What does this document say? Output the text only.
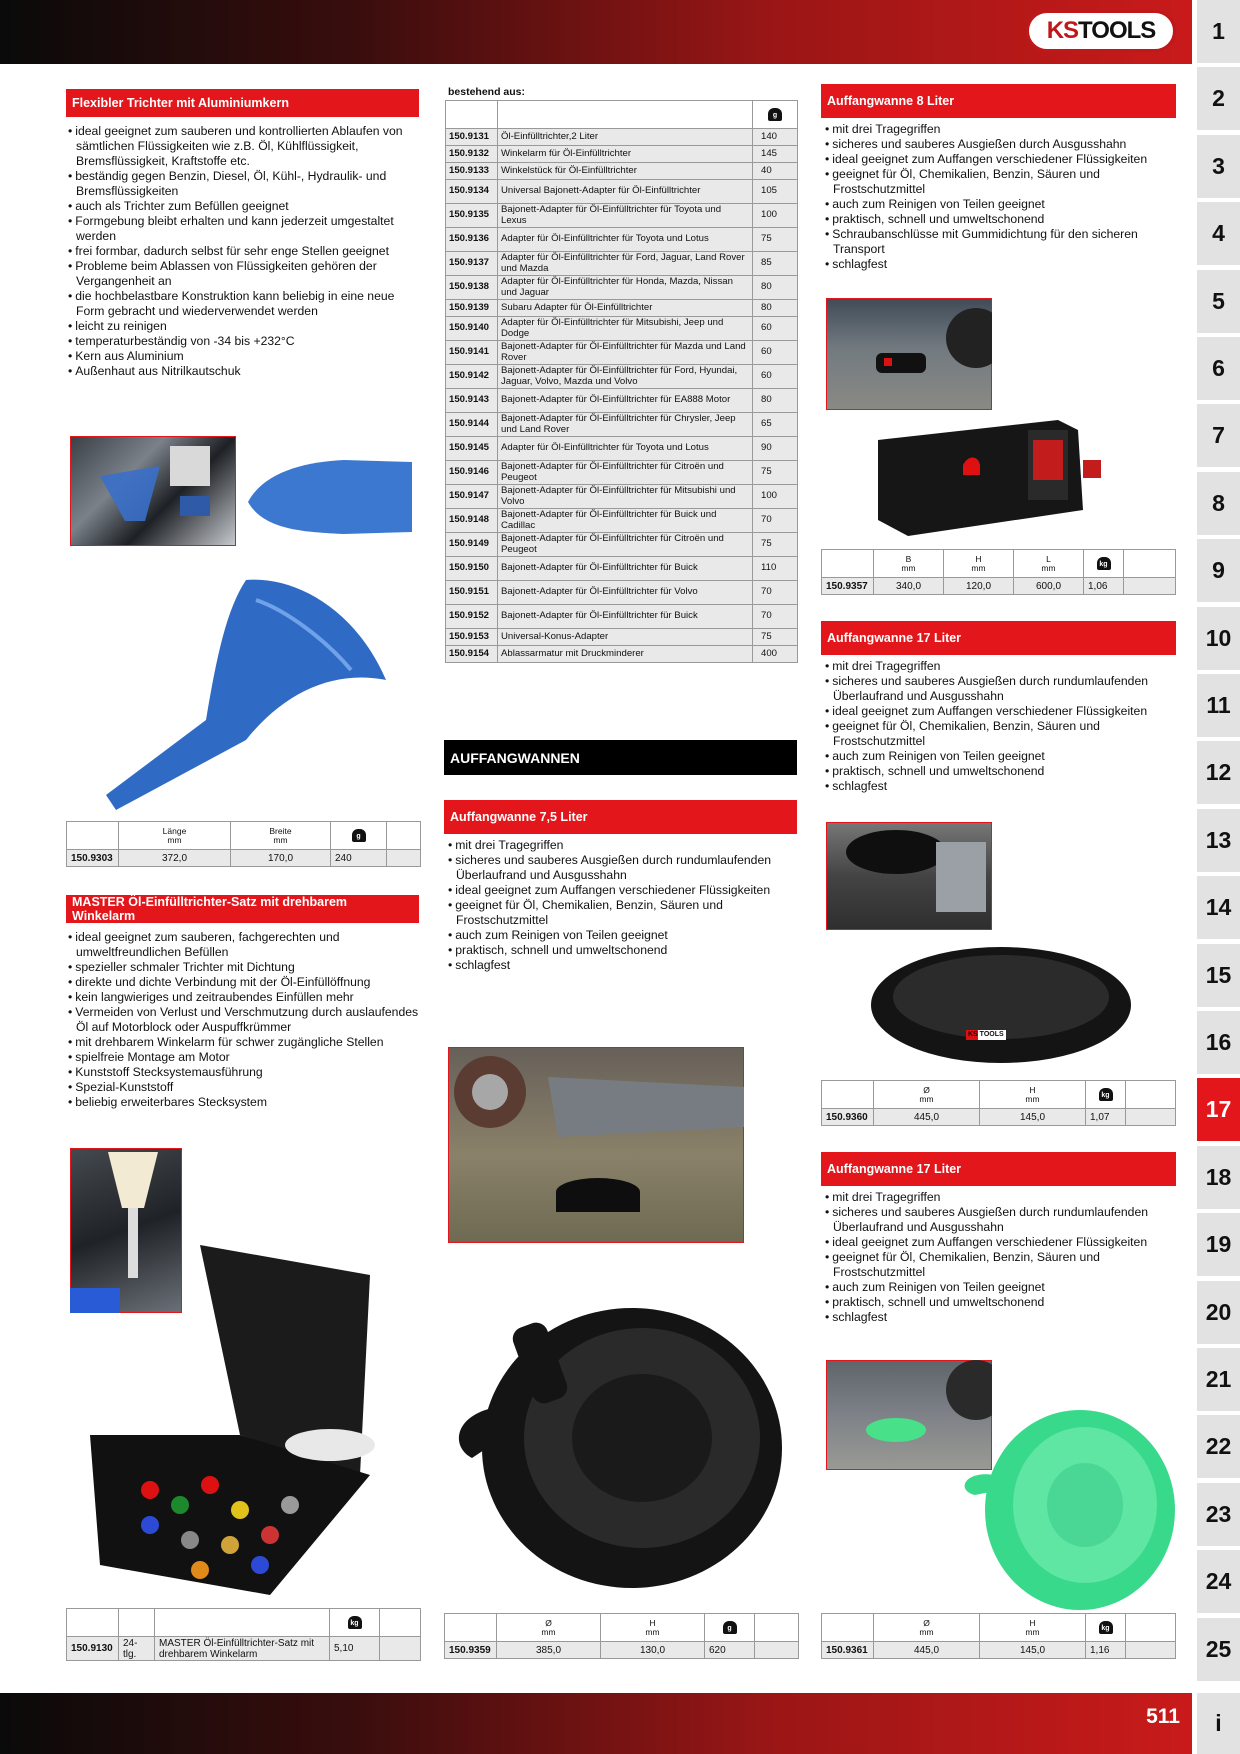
KS TOOLS
511
1
2
3
4
5
6
7
8
9
10
11
12
13
14
15
16
17
18
19
20
21
22
23
24
25
i
Flexibler Trichter mit Aluminiumkern
• ideal geeignet zum sauberen und kontrollierten Ablaufen von sämtlichen Flüssigkeiten wie z.B. Öl, Kühlflüssigkeit, Bremsflüssigkeit, Kraftstoffe etc.
• beständig gegen Benzin, Diesel, Öl, Kühl-, Hydraulik- und Bremsflüssigkeiten
• auch als Trichter zum Befüllen geeignet
• Formgebung bleibt erhalten und kann jederzeit umgestaltet werden
• frei formbar, dadurch selbst für sehr enge Stellen geeignet
• Probleme beim Ablassen von Flüssigkeiten gehören der Vergangenheit an
• die hochbelastbare Konstruktion kann beliebig in eine neue Form gebracht und wiederverwendet werden
• leicht zu reinigen
• temperaturbeständig von -34 bis +232°C
• Kern aus Aluminium
• Außenhaut aus Nitrilkautschuk
	Länge
mm	Breite
mm	g	
150.9303	372,0	170,0	240	
MASTER Öl-Einfülltrichter-Satz mit drehbarem Winkelarm
• ideal geeignet zum sauberen, fachgerechten und umweltfreundlichen Befüllen
• spezieller schmaler Trichter mit Dichtung
• direkte und dichte Verbindung mit der Öl-Einfüllöffnung
• kein langwieriges und zeitraubendes Einfüllen mehr
• Vermeiden von Verlust und Verschmutzung durch auslaufendes Öl auf Motorblock oder Auspuffkrümmer
• mit drehbarem Winkelarm für schwer zugängliche Stellen
• spielfreie Montage am Motor
• Kunststoff Stecksystemausführung
• Spezial-Kunststoff
• beliebig erweiterbares Stecksystem
			kg	
150.9130	24-tlg.	MASTER Öl-Einfülltrichter-Satz mit drehbarem Winkelarm	5,10	
bestehend aus:
		g
150.9131	Öl-Einfülltrichter,2 Liter	140
150.9132	Winkelarm für Öl-Einfülltrichter	145
150.9133	Winkelstück für Öl-Einfülltrichter	40
150.9134	Universal Bajonett-Adapter für Öl-Einfülltrichter	105
150.9135	Bajonett-Adapter für Öl-Einfülltrichter für Toyota und Lexus	100
150.9136	Adapter für Öl-Einfülltrichter für Toyota und Lotus	75
150.9137	Adapter für Öl-Einfülltrichter für Ford, Jaguar, Land Rover und Mazda	85
150.9138	Adapter für Öl-Einfülltrichter für Honda, Mazda, Nissan und Jaguar	80
150.9139	Subaru Adapter für Öl-Einfülltrichter	80
150.9140	Adapter für Öl-Einfülltrichter für Mitsubishi, Jeep und Dodge	60
150.9141	Bajonett-Adapter für Öl-Einfülltrichter für Mazda und Land Rover	60
150.9142	Bajonett-Adapter für Öl-Einfülltrichter für Ford, Hyundai, Jaguar, Volvo, Mazda und Volvo	60
150.9143	Bajonett-Adapter für Öl-Einfülltrichter für EA888 Motor	80
150.9144	Bajonett-Adapter für Öl-Einfülltrichter für Chrysler, Jeep und Land Rover	65
150.9145	Adapter für Öl-Einfülltrichter für Toyota und Lotus	90
150.9146	Bajonett-Adapter für Öl-Einfülltrichter für Citroën und Peugeot	75
150.9147	Bajonett-Adapter für Öl-Einfülltrichter für Mitsubishi und Volvo	100
150.9148	Bajonett-Adapter für Öl-Einfülltrichter für Buick und Cadillac	70
150.9149	Bajonett-Adapter für Öl-Einfülltrichter für Citroën und Peugeot	75
150.9150	Bajonett-Adapter für Öl-Einfülltrichter für Buick	110
150.9151	Bajonett-Adapter für Öl-Einfülltrichter für Volvo	70
150.9152	Bajonett-Adapter für Öl-Einfülltrichter für Buick	70
150.9153	Universal-Konus-Adapter	75
150.9154	Ablassarmatur mit Druckminderer	400
AUFFANGWANNEN
Auffangwanne 7,5 Liter
• mit drei Tragegriffen
• sicheres und sauberes Ausgießen durch rundumlaufenden Überlaufrand und Ausgusshahn
• ideal geeignet zum Auffangen verschiedener Flüssigkeiten
• geeignet für Öl, Chemikalien, Benzin, Säuren und Frostschutzmittel
• auch zum Reinigen von Teilen geeignet
• praktisch, schnell und umweltschonend
• schlagfest
	Ø
mm	H
mm	g	
150.9359	385,0	130,0	620	
Auffangwanne 8 Liter
• mit drei Tragegriffen
• sicheres und sauberes Ausgießen durch Ausgusshahn
• ideal geeignet zum Auffangen verschiedener Flüssigkeiten
• geeignet für Öl, Chemikalien, Benzin, Säuren und Frostschutzmittel
• auch zum Reinigen von Teilen geeignet
• praktisch, schnell und umweltschonend
• Schraubanschlüsse mit Gummidichtung für den sicheren Transport
• schlagfest
	B
mm	H
mm	L
mm	kg	
150.9357	340,0	120,0	600,0	1,06	
Auffangwanne 17 Liter
• mit drei Tragegriffen
• sicheres und sauberes Ausgießen durch rundumlaufenden Überlaufrand und Ausgusshahn
• ideal geeignet zum Auffangen verschiedener Flüssigkeiten
• geeignet für Öl, Chemikalien, Benzin, Säuren und Frostschutzmittel
• auch zum Reinigen von Teilen geeignet
• praktisch, schnell und umweltschonend
• schlagfest
KS TOOLS
	Ø
mm	H
mm	kg	
150.9360	445,0	145,0	1,07	
Auffangwanne 17 Liter
• mit drei Tragegriffen
• sicheres und sauberes Ausgießen durch rundumlaufenden Überlaufrand und Ausgusshahn
• ideal geeignet zum Auffangen verschiedener Flüssigkeiten
• geeignet für Öl, Chemikalien, Benzin, Säuren und Frostschutzmittel
• auch zum Reinigen von Teilen geeignet
• praktisch, schnell und umweltschonend
• schlagfest
	Ø
mm	H
mm	kg	
150.9361	445,0	145,0	1,16	
